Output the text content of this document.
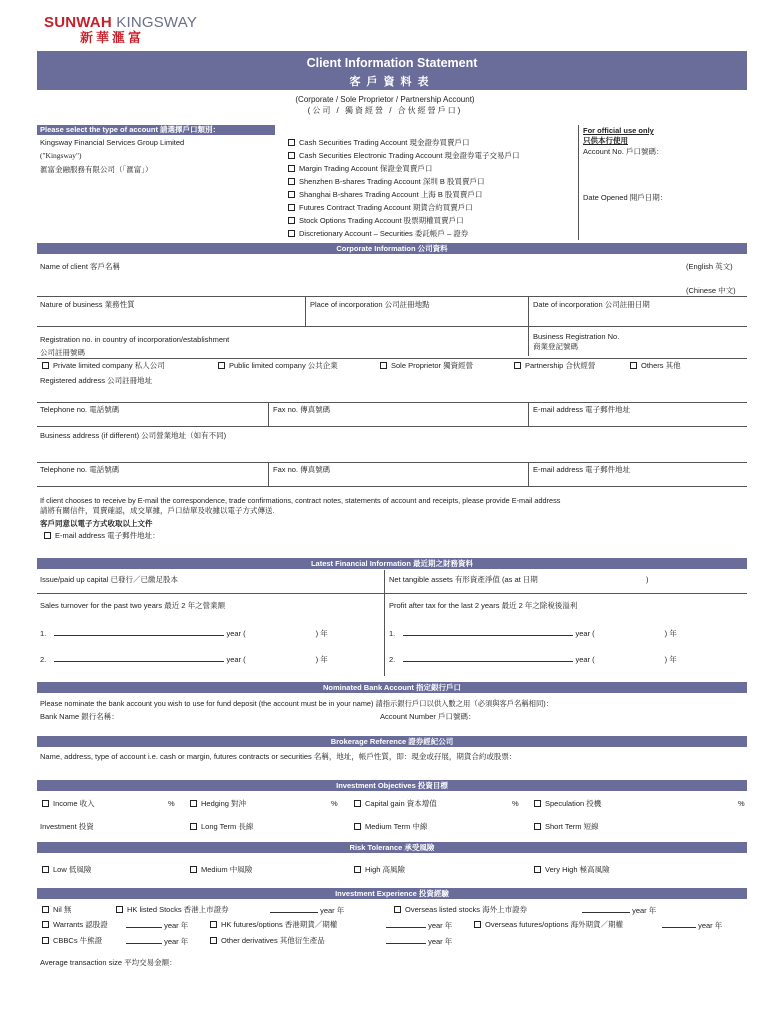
SUNWAH KINGSWAY
新華滙富
Client Information Statement
客戶資料表
(Corporate / Sole Proprietor / Partnership Account)
(公司 / 獨資經營 / 合伙經營戶口)
Please select the type of account 請選擇戶口類別：
Kingsway Financial Services Group Limited
("Kingsway")
滙富金融服務有限公司（「滙富」）
Cash Securities Trading Account 現金證券買賣戶口
Cash Securities Electronic Trading Account 現金證券電子交易戶口
Margin Trading Account 保證金買賣戶口
Shenzhen B-shares Trading Account 深圳 B 股買賣戶口
Shanghai B-shares Trading Account 上海 B 股買賣戶口
Futures Contract Trading Account 期貨合約買賣戶口
Stock Options Trading Account 股票期權買賣戶口
Discretionary Account – Securities 委託帳戶 – 證券
For official use only
只供本行使用
Account No. 戶口號碼：
Date Opened 開戶日期：
Corporate Information 公司資料
Name of client 客戶名稱	(English 英文)
(Chinese 中文)
Nature of business 業務性質	Place of incorporation 公司註冊地點	Date of incorporation 公司註冊日期
Registration no. in country of incorporation/establishment
公司註冊號碼
Business Registration No.
商業登記號碼
Private limited company 私人公司	Public limited company 公共企業	Sole Proprietor 獨資經營	Partnership 合伙經營	Others 其他
Registered address 公司註冊地址
Telephone no. 電話號碼	Fax no. 傳真號碼	E-mail address 電子郵件地址
Business address (if different) 公司營業地址（如有不同)
Telephone no. 電話號碼	Fax no. 傳真號碼	E-mail address 電子郵件地址
If client chooses to receive by E-mail the correspondence, trade confirmations, contract notes, statements of account and receipts, please provide E-mail address
請將有關信件，買賣確認，成交單據，戶口結單及收據以電子方式傳送.
客戶同意以電子方式收取以上文件
E-mail address 電子郵件地址：
Latest Financial Information 最近期之財務資料
Issue/paid up capital 已發行／已繳足股本	Net tangible assets 有形資產淨值 (as at 日期	)
Sales turnover for the past two years 最近 2 年之營業額	Profit after tax for the last 2 years 最近 2 年之除稅後溢利
1.	year (	) 年
2.	year (	) 年
1.	year (	) 年
2.	year (	) 年
Nominated Bank Account 指定銀行戶口
Please nominate the bank account you wish to use for fund deposit (the account must be in your name) 請指示銀行戶口以供入數之用（必須與客戶名稱相同)：
Bank Name 銀行名稱：	Account Number 戶口號碼：
Brokerage Reference 證券經紀公司
Name, address, type of account i.e. cash or margin, futures contracts or securities 名稱，地址，帳戶性質，即：現金或孖展，期貨合約或股票：
Investment Objectives 投資目標
Income 收入	%	Hedging 對沖	%	Capital gain 資本增值	%	Speculation 投機	%
Investment 投資	Long Term 長線	Medium Term 中線	Short Term 短線
Risk Tolerance 承受風險
Low 低風險	Medium 中風險	High 高風險	Very High 極高風險
Investment Experience 投資經驗
Nil 無	HK listed Stocks 香港上市證券	year 年	Overseas listed stocks 海外上市證券	year 年
Warrants 認股證	year 年	HK futures/options 香港期貨／期權	year 年	Overseas futures/options 海外期貨／期權	year 年
CBBCs 牛熊證	year 年	Other derivatives 其他衍生產品	year 年
Average transaction size 平均交易金額：
